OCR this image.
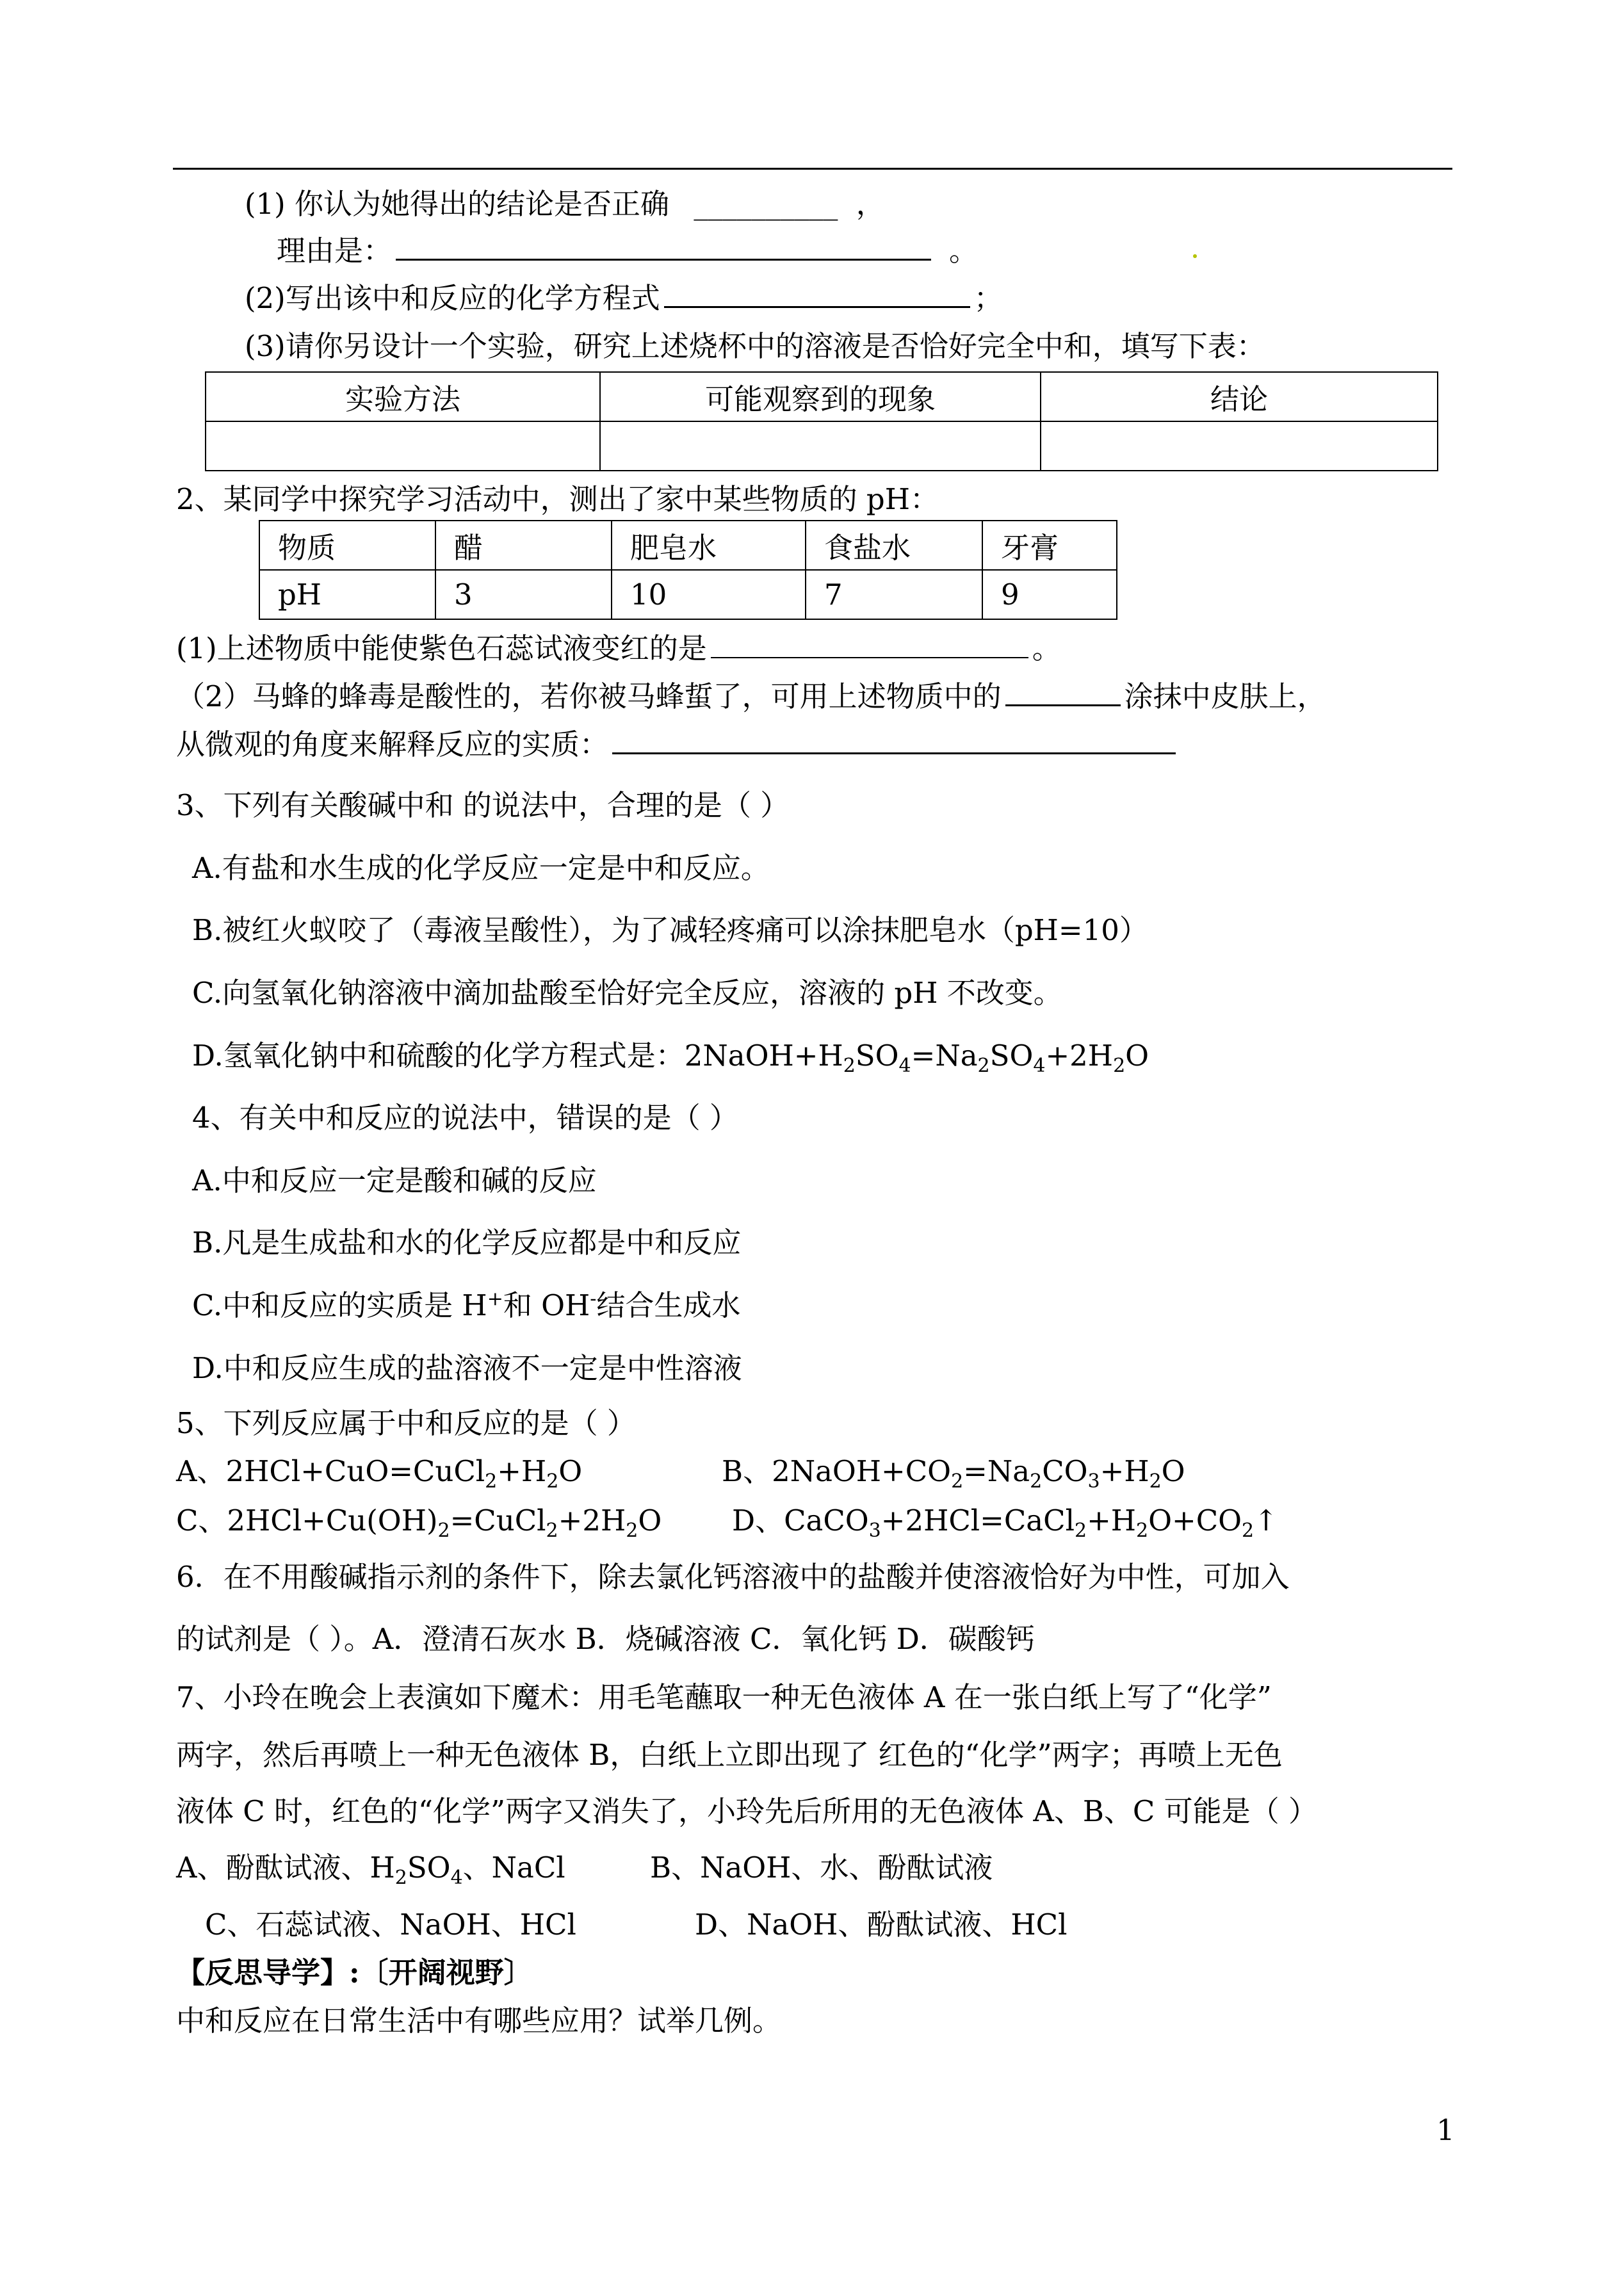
(1) 你认为她得出的结论是否正确 __________ ，
理由是：	。
(2)写出该中和反应的化学方程式	；
(3)请你另设计一个实验，研究上述烧杯中的溶液是否恰好完全中和，填写下表：
实验方法	可能观察到的现象	结论

2、某同学中探究学习活动中，测出了家中某些物质的 pH：
物质	醋	肥皂水	食盐水	牙膏
pH	3	10	7	9
(1)上述物质中能使紫色石蕊试液变红的是	。
（2）马蜂的蜂毒是酸性的，若你被马蜂蜇了，可用上述物质中的	涂抹中皮肤上，
从微观的角度来解释反应的实质：
3、下列有关酸碱中和 的说法中，合理的是（ ）
A.有盐和水生成的化学反应一定是中和反应。
B.被红火蚁咬了（毒液呈酸性），为了减轻疼痛可以涂抹肥皂水（pH=10）
C.向氢氧化钠溶液中滴加盐酸至恰好完全反应，溶液的 pH 不改变。
D.氢氧化钠中和硫酸的化学方程式是：$2NaOH+H_2SO_4=Na_2SO_4+2H_2O$
4、有关中和反应的说法中，错误的是（ ）
A.中和反应一定是酸和碱的反应
B.凡是生成盐和水的化学反应都是中和反应
C.中和反应的实质是 H+和 OH-结合生成水
D.中和反应生成的盐溶液不一定是中性溶液
5、下列反应属于中和反应的是（ ）
A、$2HCl+CuO=CuCl_2+H_2O$	B、$2NaOH+CO_2=Na_2CO_3+H_2O$
C、$2HCl+Cu(OH)_2=CuCl_2+2H_2O$ D、$CaCO_3+2HCl=CaCl_2+H_2O+CO_2↑$
6．在不用酸碱指示剂的条件下，除去氯化钙溶液中的盐酸并使溶液恰好为中性，可加入
的试剂是（ ）。A．澄清石灰水 B．烧碱溶液 C．氧化钙 D．碳酸钙
7、小玲在晚会上表演如下魔术：用毛笔蘸取一种无色液体 A 在一张白纸上写了“化学”
两字，然后再喷上一种无色液体 B，白纸上立即出现了 红色的“化学”两字；再喷上无色
液体 C 时，红色的“化学”两字又消失了，小玲先后所用的无色液体 A、B、C 可能是（ ）
A、酚酞试液、$H_2SO_4$、NaCl	B、NaOH、水、酚酞试液
C、石蕊试液、NaOH、HCl	D、NaOH、酚酞试液、HCl
【反思导学】:〔开阔视野〕
中和反应在日常生活中有哪些应用？试举几例。
1
